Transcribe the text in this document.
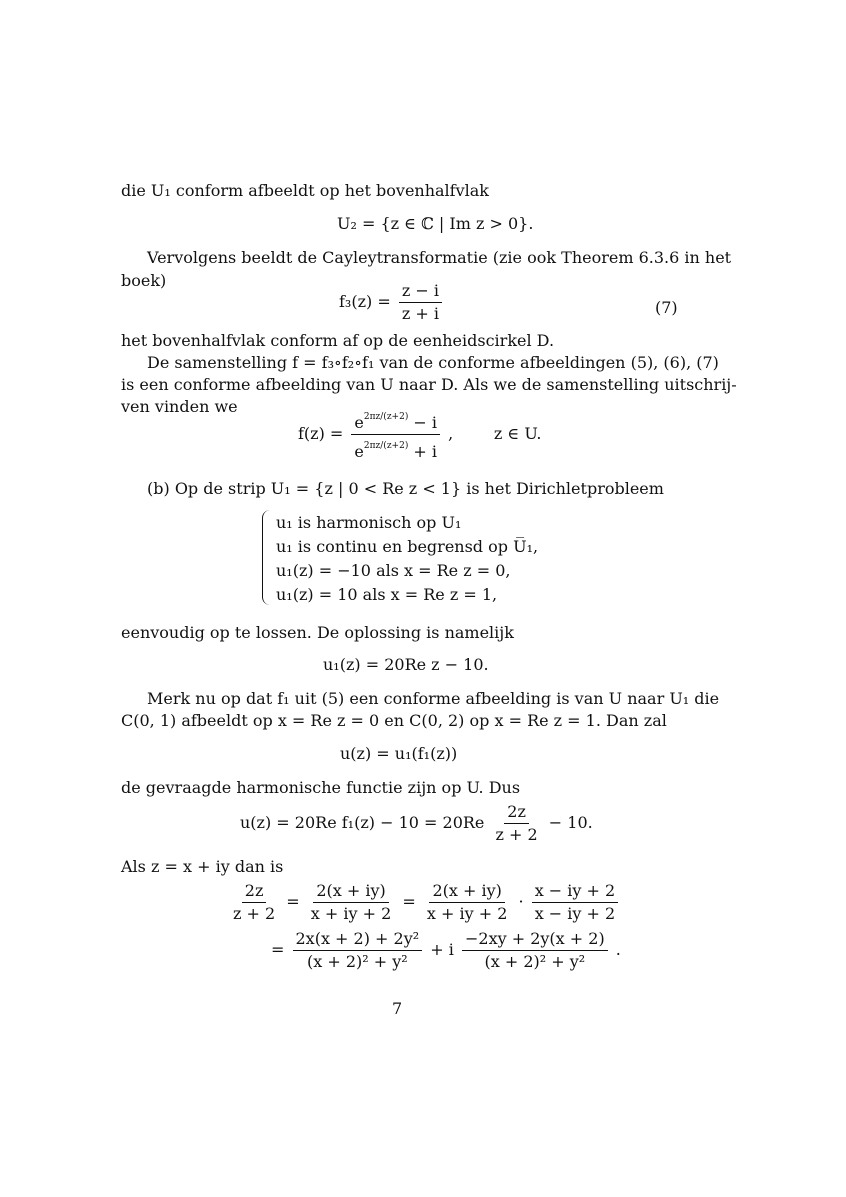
die U₁ conform afbeeldt op het bovenhalfvlak
U₂ = {z ∈ ℂ | Im z > 0}.
Vervolgens beeldt de Cayleytransformatie (zie ook Theorem 6.3.6 in het
boek)
$f_3(z) = \frac{z - i}{z + i}$	(7)
het bovenhalfvlak conform af op de eenheidscirkel D.
De samenstelling f = f₃∘f₂∘f₁ van de conforme afbeeldingen (5), (6), (7)
is een conforme afbeelding van U naar D. Als we de samenstelling uitschrij-
ven vinden we
$f(z) = \frac{e^{2\pi z/(z+2)} - i}{e^{2\pi z/(z+2)} + i}$ ,        z ∈ U.
(b) Op de strip U₁ = {z | 0 < Re z < 1} is het Dirichletprobleem
u₁ is harmonisch op U₁
u₁ is continu en begrensd op U̅₁,
u₁(z) = −10 als x = Re z = 0,
u₁(z) = 10 als x = Re z = 1,
eenvoudig op te lossen. De oplossing is namelijk
u₁(z) = 20Re z − 10.
Merk nu op dat f₁ uit (5) een conforme afbeelding is van U naar U₁ die
C(0, 1) afbeeldt op x = Re z = 0 en C(0, 2) op x = Re z = 1. Dan zal
u(z) = u₁(f₁(z))
de gevraagde harmonische functie zijn op U. Dus
u(z) = 20Re $f_1(z) - 10 = 20Re \frac{2z}{z + 2} - 10$.
Als z = x + iy dan is
$\frac{2z}{z + 2} = \frac{2(x + iy)}{x + iy + 2} = \frac{2(x + iy)}{x + iy + 2} \cdot \frac{x - iy + 2}{x - iy + 2}$
= $\frac{\text{2x(x + 2) + 2y²}}{\text{(x + 2)² + y²}} + i \frac{-2xy + 2y(x + 2)}{\text{(x + 2)² + y²}}$ .
7
